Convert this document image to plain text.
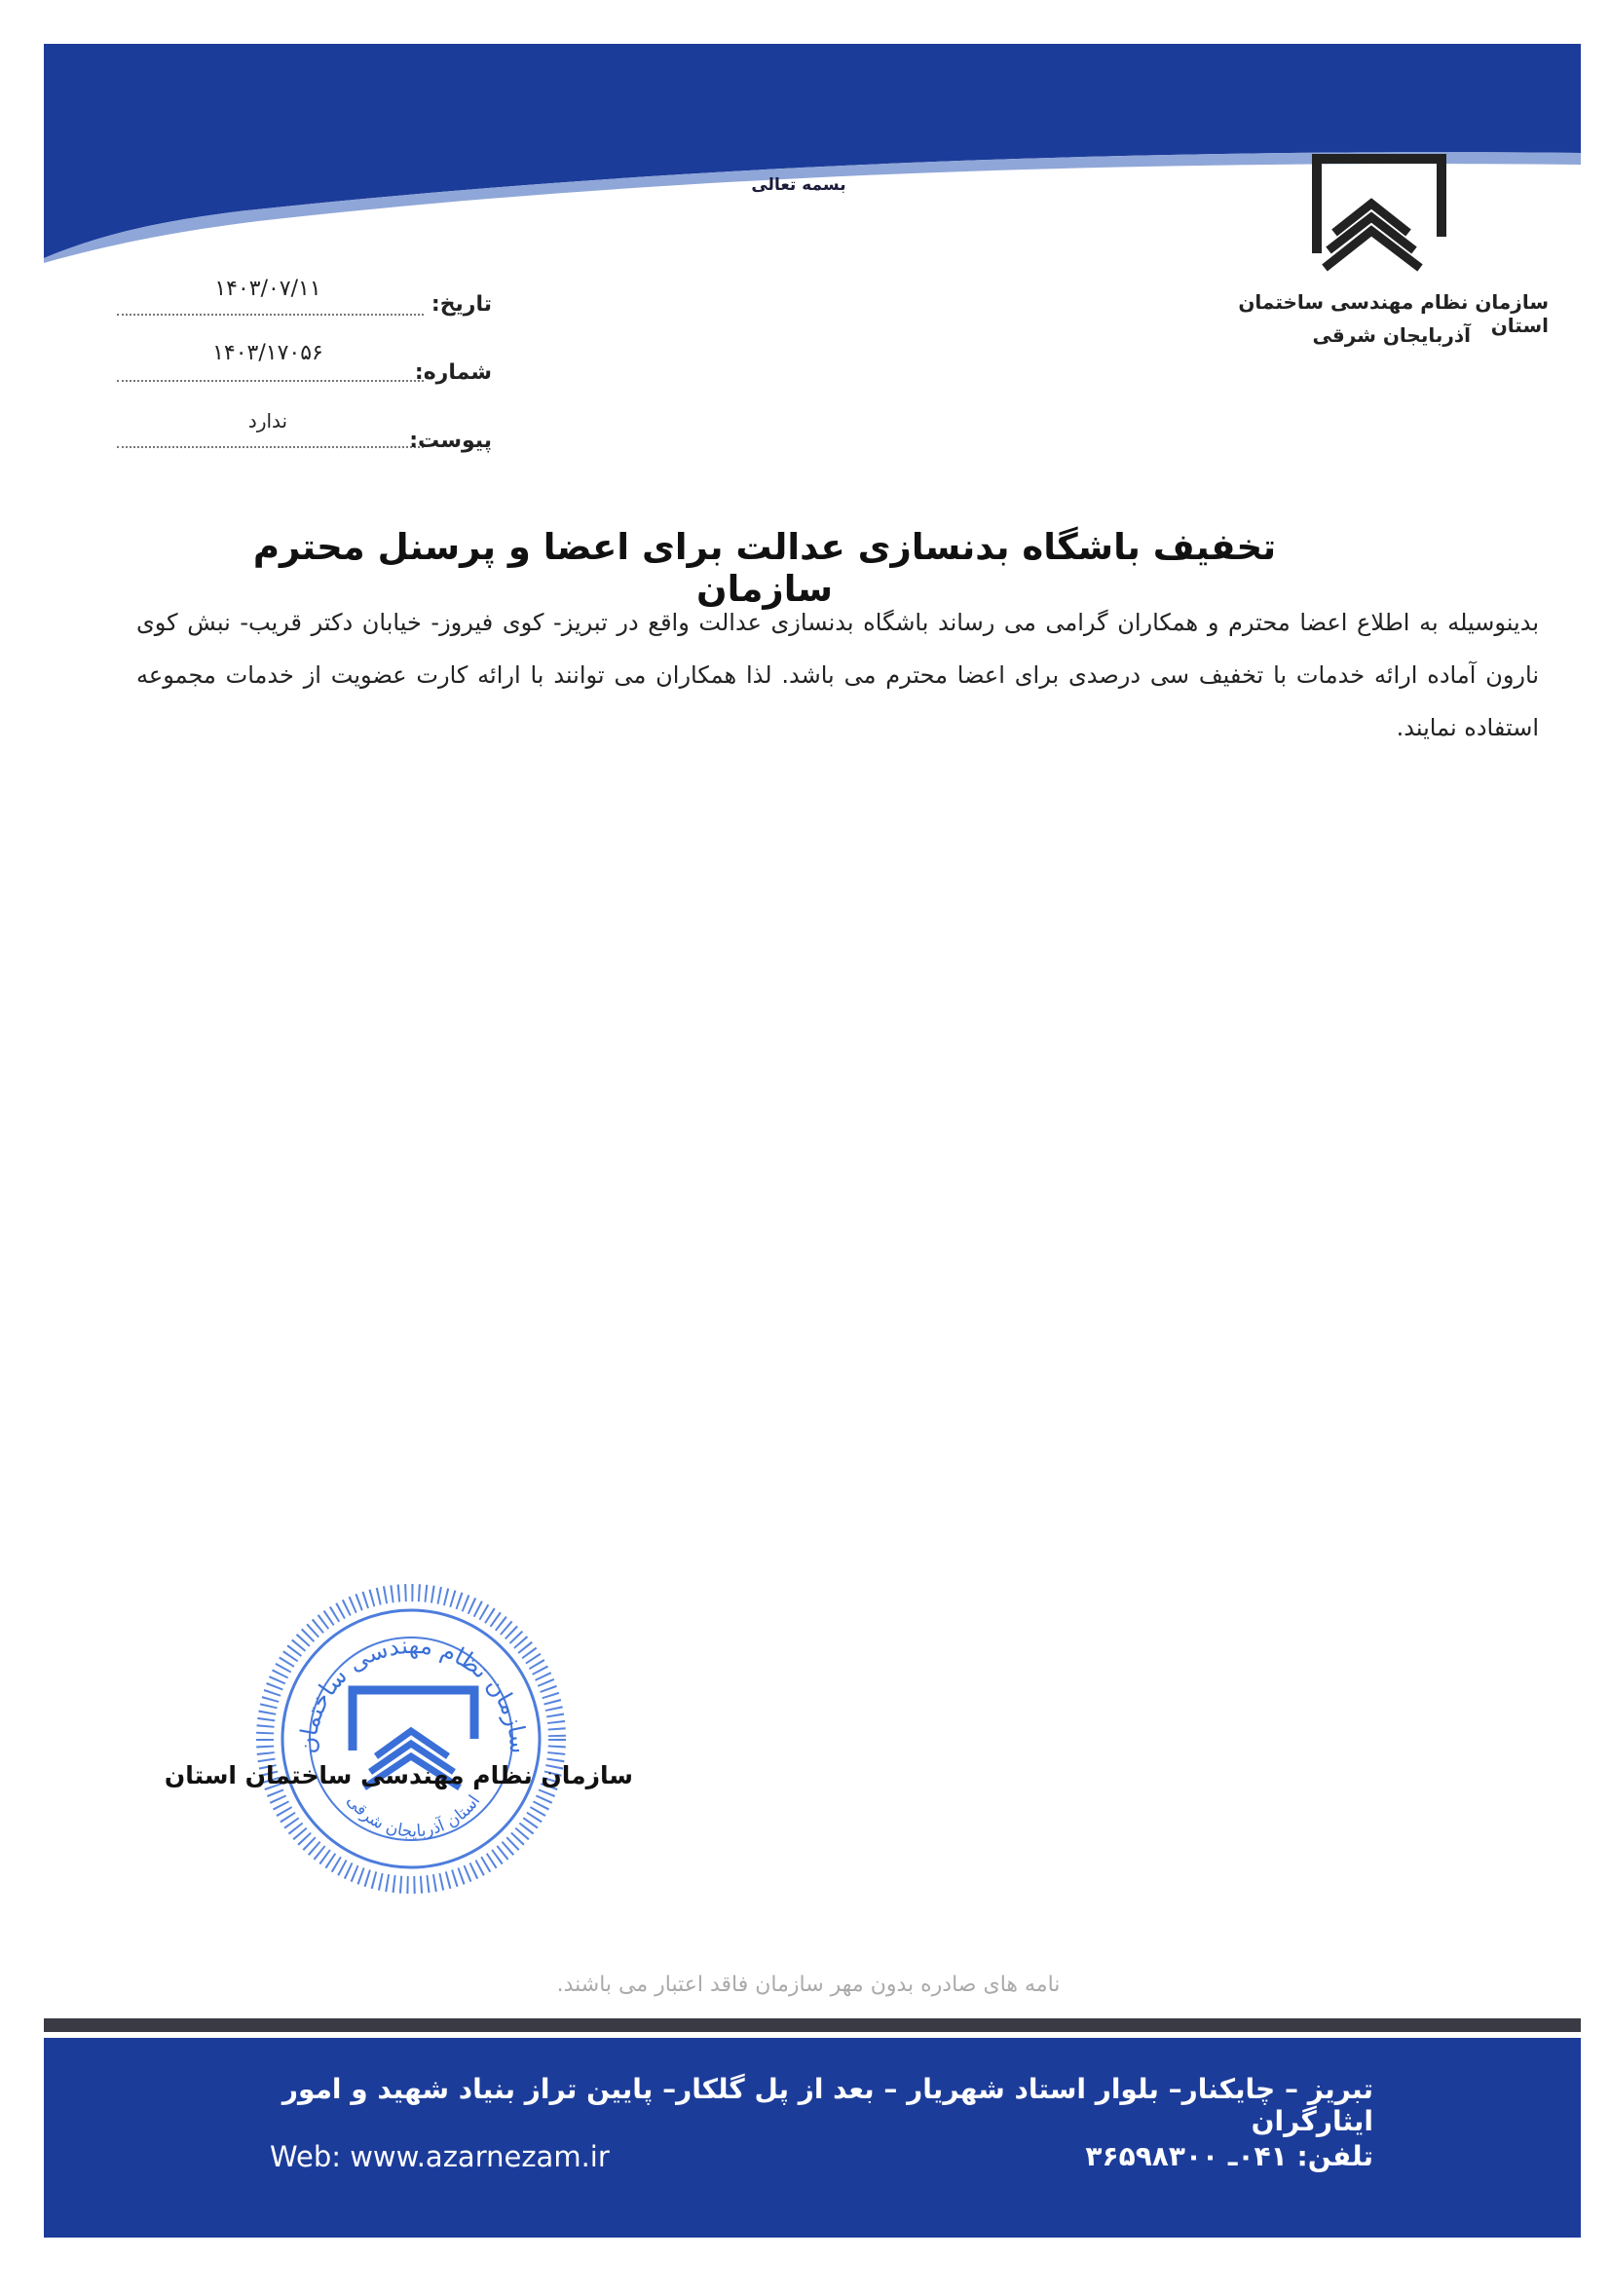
بسمه تعالی
سازمان نظام مهندسی ساختمان استان
آذربایجان شرقی
۱۴۰۳/۰۷/۱۱
تاریخ:
۱۴۰۳/۱۷۰۵۶
شماره:
ندارد
پیوست:
تخفیف باشگاه بدنسازی عدالت برای اعضا و پرسنل محترم سازمان
بدینوسیله به اطلاع اعضا محترم و همکاران گرامی می رساند باشگاه بدنسازی عدالت واقع در تبریز- کوی فیروز- خیابان دکتر قریب- نبش کوی نارون آماده ارائه خدمات با تخفیف سی درصدی برای اعضا محترم می باشد. لذا همکاران می توانند با ارائه کارت عضویت از خدمات مجموعه استفاده نمایند.
سازمان نظام مهندسی ساختمان
استان آذربایجان شرقی
سازمان نظام مهندسی ساختمان استان
نامه های صادره بدون مهر سازمان فاقد اعتبار می باشند.
تبریز – چایکنار– بلوار استاد شهریار – بعد از پل گلکار– پایین تراز بنیاد شهید و امور ایثارگران
Web: www.azarnezam.ir	تلفن: ۰۴۱ـ ۳۶۵۹۸۳۰۰
